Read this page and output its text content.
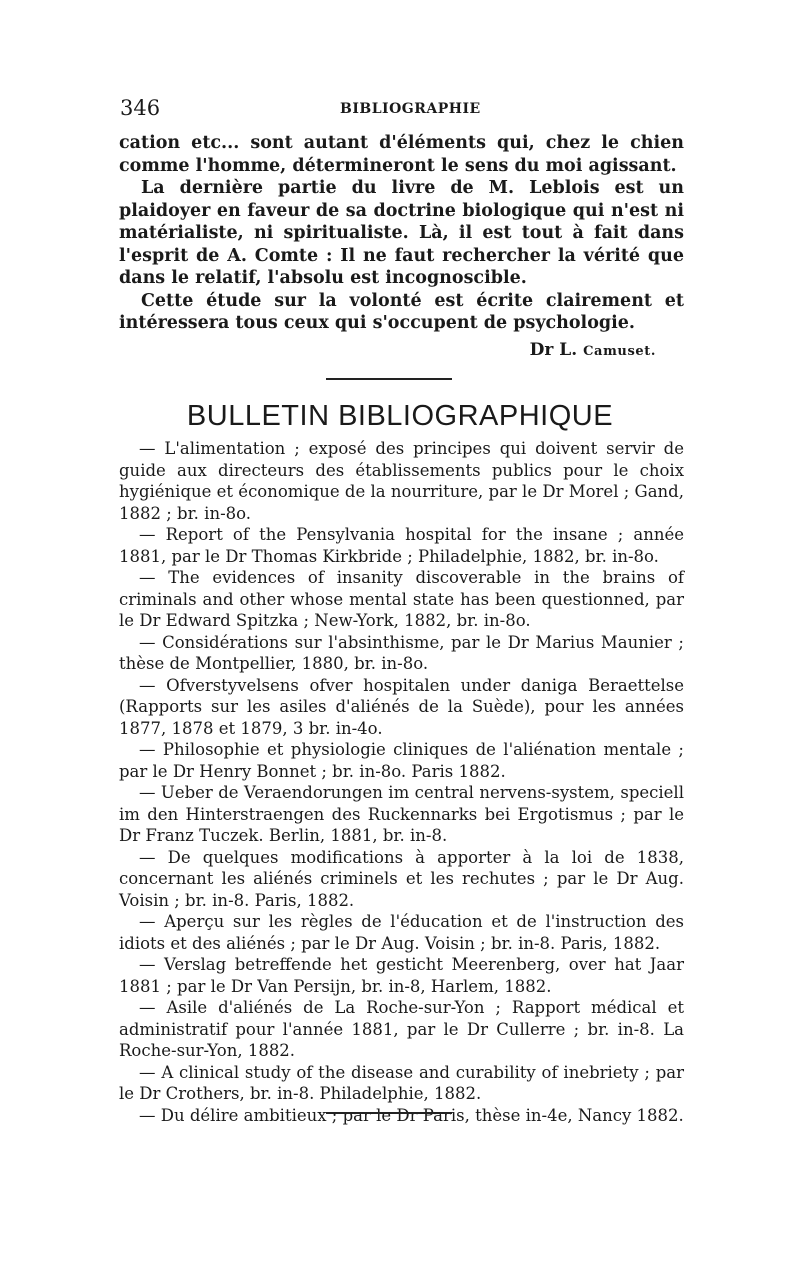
346	BIBLIOGRAPHIE

cation etc... sont autant d'éléments qui, chez le chien comme l'homme, détermineront le sens du moi agissant.

La dernière partie du livre de M. Leblois est un plaidoyer en faveur de sa doctrine biologique qui n'est ni matérialiste, ni spiritualiste. Là, il est tout à fait dans l'esprit de A. Comte : Il ne faut rechercher la vérité que dans le relatif, l'absolu est incognoscible.

Cette étude sur la volonté est écrite clairement et intéressera tous ceux qui s'occupent de psychologie.

Dr L. Camuset.

BULLETIN BIBLIOGRAPHIQUE

— L'alimentation ; exposé des principes qui doivent servir de guide aux directeurs des établissements publics pour le choix hygiénique et économique de la nourriture, par le Dr Morel ; Gand, 1882 ; br. in-8o.

— Report of the Pensylvania hospital for the insane ; année 1881, par le Dr Thomas Kirkbride ; Philadelphie, 1882, br. in-8o.

— The evidences of insanity discoverable in the brains of criminals and other whose mental state has been questionned, par le Dr Edward Spitzka ; New-York, 1882, br. in-8o.

— Considérations sur l'absinthisme, par le Dr Marius Maunier ; thèse de Montpellier, 1880, br. in-8o.

— Ofverstyvelsens ofver hospitalen under danigа Beraettelse (Rapports sur les asiles d'aliénés de la Suède), pour les années 1877, 1878 et 1879, 3 br. in-4o.

— Philosophie et physiologie cliniques de l'aliénation mentale ; par le Dr Henry Bonnet ; br. in-8o. Paris 1882.

— Ueber de Veraendorungen im central nervens-system, speciell im den Hinterstraengen des Ruckennarks bei Ergotismus ; par le Dr Franz Tuczek. Berlin, 1881, br. in-8.

— De quelques modifications à apporter à la loi de 1838, concernant les aliénés criminels et les rechutes ; par le Dr Aug. Voisin ; br. in-8. Paris, 1882.

— Aperçu sur les règles de l'éducation et de l'instruction des idiots et des aliénés ; par le Dr Aug. Voisin ; br. in-8. Paris, 1882.

— Verslag betreffende het gesticht Meerenberg, over hat Jaar 1881 ; par le Dr Van Persijn, br. in-8, Harlem, 1882.

— Asile d'aliénés de La Roche-sur-Yon ; Rapport médical et administratif pour l'année 1881, par le Dr Cullerre ; br. in-8. La Roche-sur-Yon, 1882.

— A clinical study of the disease and curability of inebriety ; par le Dr Crothers, br. in-8. Philadelphie, 1882.

— Du délire ambitieux ; par le Dr Paris, thèse in-4e, Nancy 1882.
